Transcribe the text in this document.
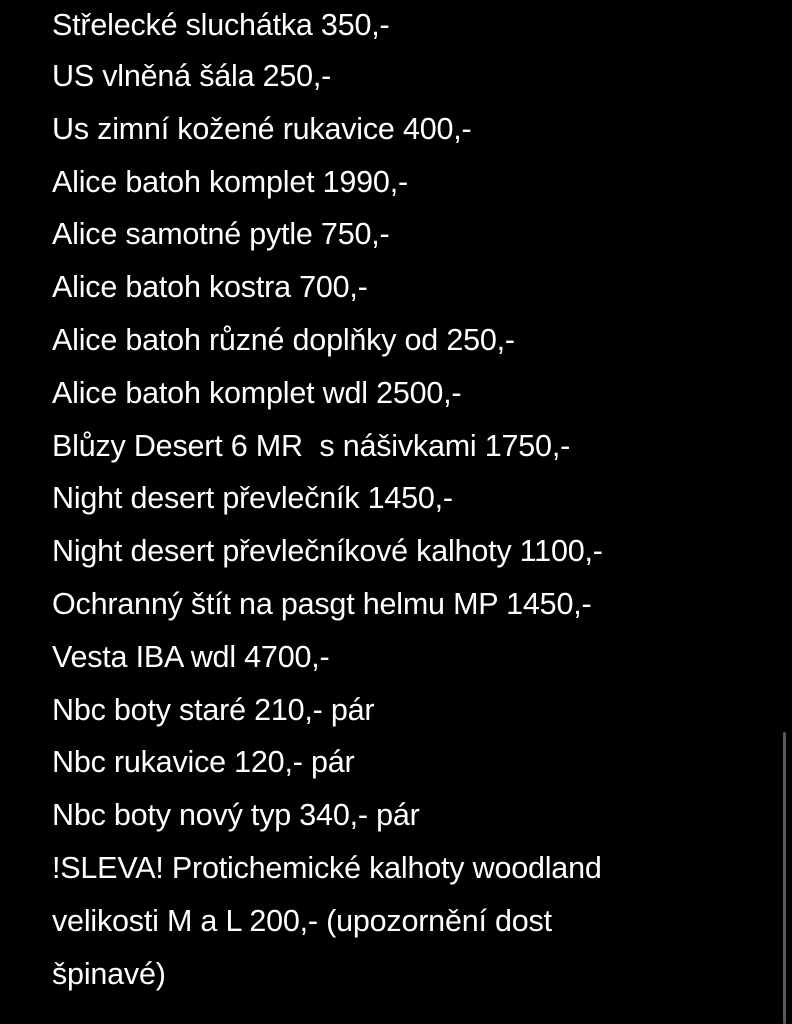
Střelecké sluchátka 350,-
US vlněná šála 250,-
Us zimní kožené rukavice 400,-
Alice batoh komplet 1990,-
Alice samotné pytle 750,-
Alice batoh kostra 700,-
Alice batoh různé doplňky od 250,-
Alice batoh komplet wdl 2500,-
Blůzy Desert 6 MR  s nášivkami 1750,-
Night desert převlečník 1450,-
Night desert převlečníkové kalhoty 1100,-
Ochranný štít na pasgt helmu MP 1450,-
Vesta IBA wdl 4700,-
Nbc boty staré 210,- pár
Nbc rukavice 120,- pár
Nbc boty nový typ 340,- pár
!SLEVA! Protichemické kalhoty woodland
velikosti M a L 200,- (upozornění dost
špinavé)
